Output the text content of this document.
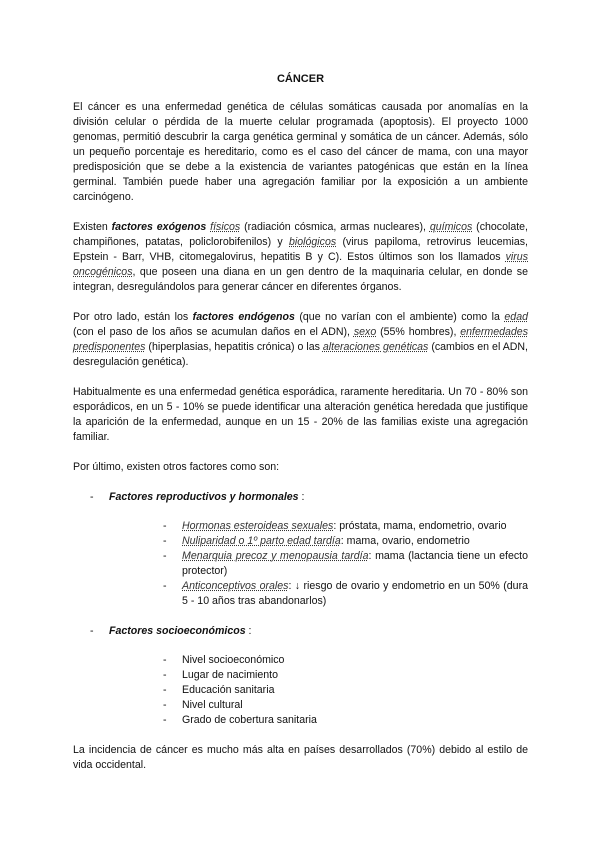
CÁNCER

El cáncer es una enfermedad genética de células somáticas causada por anomalías en la división celular o pérdida de la muerte celular programada (apoptosis). El proyecto 1000 genomas, permitió descubrir la carga genética germinal y somática de un cáncer. Además, sólo un pequeño porcentaje es hereditario, como es el caso del cáncer de mama, con una mayor predisposición que se debe a la existencia de variantes patogénicas que están en la línea germinal. También puede haber una agregación familiar por la exposición a un ambiente carcinógeno.

Existen factores exógenos físicos (radiación cósmica, armas nucleares), químicos (chocolate, champiñones, patatas, policlorobifenilos) y biológicos (virus papiloma, retrovirus leucemias, Epstein - Barr, VHB, citomegalovirus, hepatitis B y C). Estos últimos son los llamados virus oncogénicos, que poseen una diana en un gen dentro de la maquinaria celular, en donde se integran, desregulándolos para generar cáncer en diferentes órganos.

Por otro lado, están los factores endógenos (que no varían con el ambiente) como la edad (con el paso de los años se acumulan daños en el ADN), sexo (55% hombres), enfermedades predisponentes (hiperplasias, hepatitis crónica) o las alteraciones genéticas (cambios en el ADN, desregulación genética).

Habitualmente es una enfermedad genética esporádica, raramente hereditaria. Un 70 - 80% son esporádicos, en un 5 - 10% se puede identificar una alteración genética heredada que justifique la aparición de la enfermedad, aunque en un 15 - 20% de las familias existe una agregación familiar.

Por último, existen otros factores como son:

- Factores reproductivos y hormonales :
- Hormonas esteroideas sexuales: próstata, mama, endometrio, ovario
- Nuliparidad o 1º parto edad tardía: mama, ovario, endometrio
- Menarquia precoz y menopausia tardía: mama (lactancia tiene un efecto protector)
- Anticonceptivos orales: ↓ riesgo de ovario y endometrio en un 50% (dura 5 - 10 años tras abandonarlos)
- Factores socioeconómicos :
- Nivel socioeconómico
- Lugar de nacimiento
- Educación sanitaria
- Nivel cultural
- Grado de cobertura sanitaria

La incidencia de cáncer es mucho más alta en países desarrollados (70%) debido al estilo de vida occidental.
